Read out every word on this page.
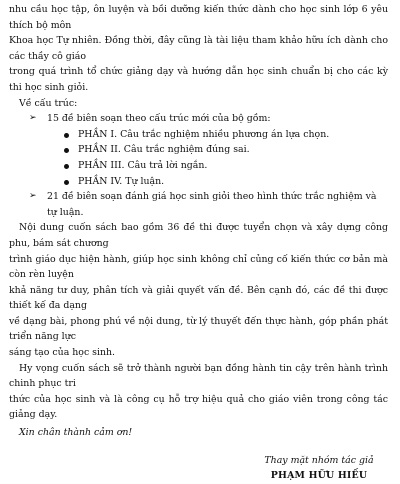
nhu cầu học tập, ôn luyện và bồi dưỡng kiến thức dành cho học sinh lớp 6 yêu thích bộ môn
Khoa học Tự nhiên. Đồng thời, đây cũng là tài liệu tham khảo hữu ích dành cho các thầy cô giáo
trong quá trình tổ chức giảng dạy và hướng dẫn học sinh chuẩn bị cho các kỳ thi học sinh giỏi.
Về cấu trúc:
➢ 15 đề biên soạn theo cấu trúc mới của bộ gồm:
PHẦN I. Câu trắc nghiệm nhiều phương án lựa chọn.
PHẦN II. Câu trắc nghiệm đúng sai.
PHẦN III. Câu trả lời ngắn.
PHẦN IV. Tự luận.
➢ 21 đề biên soạn đánh giá học sinh giỏi theo hình thức trắc nghiệm và tự luận.
Nội dung cuốn sách bao gồm 36 đề thi được tuyển chọn và xây dựng công phu, bám sát chương
trình giáo dục hiện hành, giúp học sinh không chỉ củng cố kiến thức cơ bản mà còn rèn luyện
khả năng tư duy, phân tích và giải quyết vấn đề. Bên cạnh đó, các đề thi được thiết kế đa dạng
về dạng bài, phong phú về nội dung, từ lý thuyết đến thực hành, góp phần phát triển năng lực
sáng tạo của học sinh.
Hy vọng cuốn sách sẽ trở thành người bạn đồng hành tin cậy trên hành trình chinh phục tri
thức của học sinh và là công cụ hỗ trợ hiệu quả cho giáo viên trong công tác giảng dạy.
Xin chân thành cảm ơn!
Thay mặt nhóm tác giả
PHẠM HỮU HIẾU
